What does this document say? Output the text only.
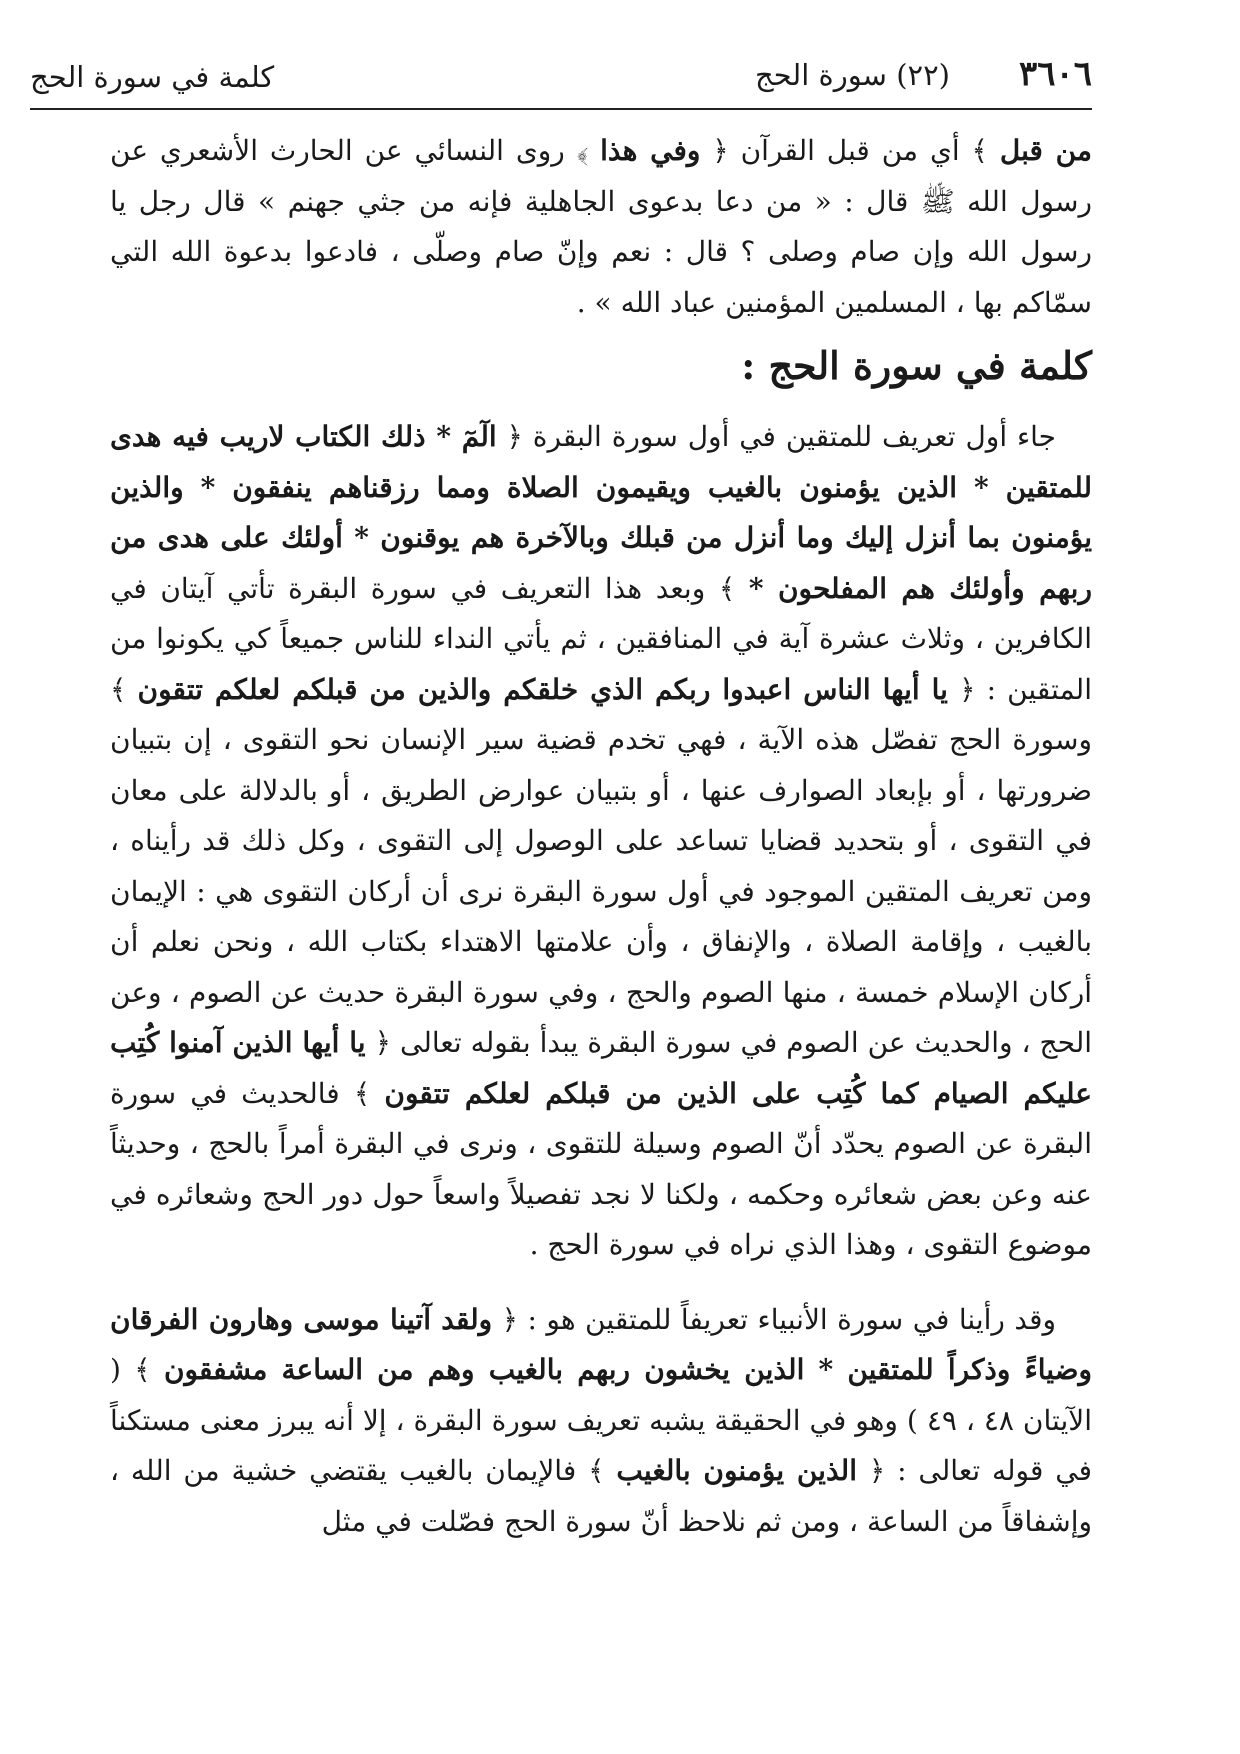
٣٦٠٦
(٢٢) سورة الحج
كلمة في سورة الحج

من قبل ﴾ أي من قبل القرآن ﴿ وفي هذا ﴾ روى النسائي عن الحارث الأشعري عن رسول الله ﷺ قال : « من دعا بدعوى الجاهلية فإنه من جثي جهنم » قال رجل يا رسول الله وإن صام وصلى ؟ قال : نعم وإنّ صام وصلّى ، فادعوا بدعوة الله التي سمّاكم بها ، المسلمين المؤمنين عباد الله » .

كلمة في سورة الحج :

جاء أول تعريف للمتقين في أول سورة البقرة ﴿ الٓمٓ * ذلك الكتاب لاريب فيه هدى للمتقين * الذين يؤمنون بالغيب ويقيمون الصلاة ومما رزقناهم ينفقون * والذين يؤمنون بما أنزل إليك وما أنزل من قبلك وبالآخرة هم يوقنون * أولئك على هدى من ربهم وأولئك هم المفلحون * ﴾ وبعد هذا التعريف في سورة البقرة تأتي آيتان في الكافرين ، وثلاث عشرة آية في المنافقين ، ثم يأتي النداء للناس جميعاً كي يكونوا من المتقين : ﴿ يا أيها الناس اعبدوا ربكم الذي خلقكم والذين من قبلكم لعلكم تتقون ﴾ وسورة الحج تفصّل هذه الآية ، فهي تخدم قضية سير الإنسان نحو التقوى ، إن بتبيان ضرورتها ، أو بإبعاد الصوارف عنها ، أو بتبيان عوارض الطريق ، أو بالدلالة على معان في التقوى ، أو بتحديد قضايا تساعد على الوصول إلى التقوى ، وكل ذلك قد رأيناه ، ومن تعريف المتقين الموجود في أول سورة البقرة نرى أن أركان التقوى هي : الإيمان بالغيب ، وإقامة الصلاة ، والإنفاق ، وأن علامتها الاهتداء بكتاب الله ، ونحن نعلم أن أركان الإسلام خمسة ، منها الصوم والحج ، وفي سورة البقرة حديث عن الصوم ، وعن الحج ، والحديث عن الصوم في سورة البقرة يبدأ بقوله تعالى ﴿ يا أيها الذين آمنوا كُتِب عليكم الصيام كما كُتِب على الذين من قبلكم لعلكم تتقون ﴾ فالحديث في سورة البقرة عن الصوم يحدّد أنّ الصوم وسيلة للتقوى ، ونرى في البقرة أمراً بالحج ، وحديثاً عنه وعن بعض شعائره وحكمه ، ولكنا لا نجد تفصيلاً واسعاً حول دور الحج وشعائره في موضوع التقوى ، وهذا الذي نراه في سورة الحج .

وقد رأينا في سورة الأنبياء تعريفاً للمتقين هو : ﴿ ولقد آتينا موسى وهارون الفرقان وضياءً وذكراً للمتقين * الذين يخشون ربهم بالغيب وهم من الساعة مشفقون ﴾ ( الآيتان ٤٨ ، ٤٩ ) وهو في الحقيقة يشبه تعريف سورة البقرة ، إلا أنه يبرز معنى مستكناً في قوله تعالى : ﴿ الذين يؤمنون بالغيب ﴾ فالإيمان بالغيب يقتضي خشية من الله ، وإشفاقاً من الساعة ، ومن ثم نلاحظ أنّ سورة الحج فصّلت في مثل
